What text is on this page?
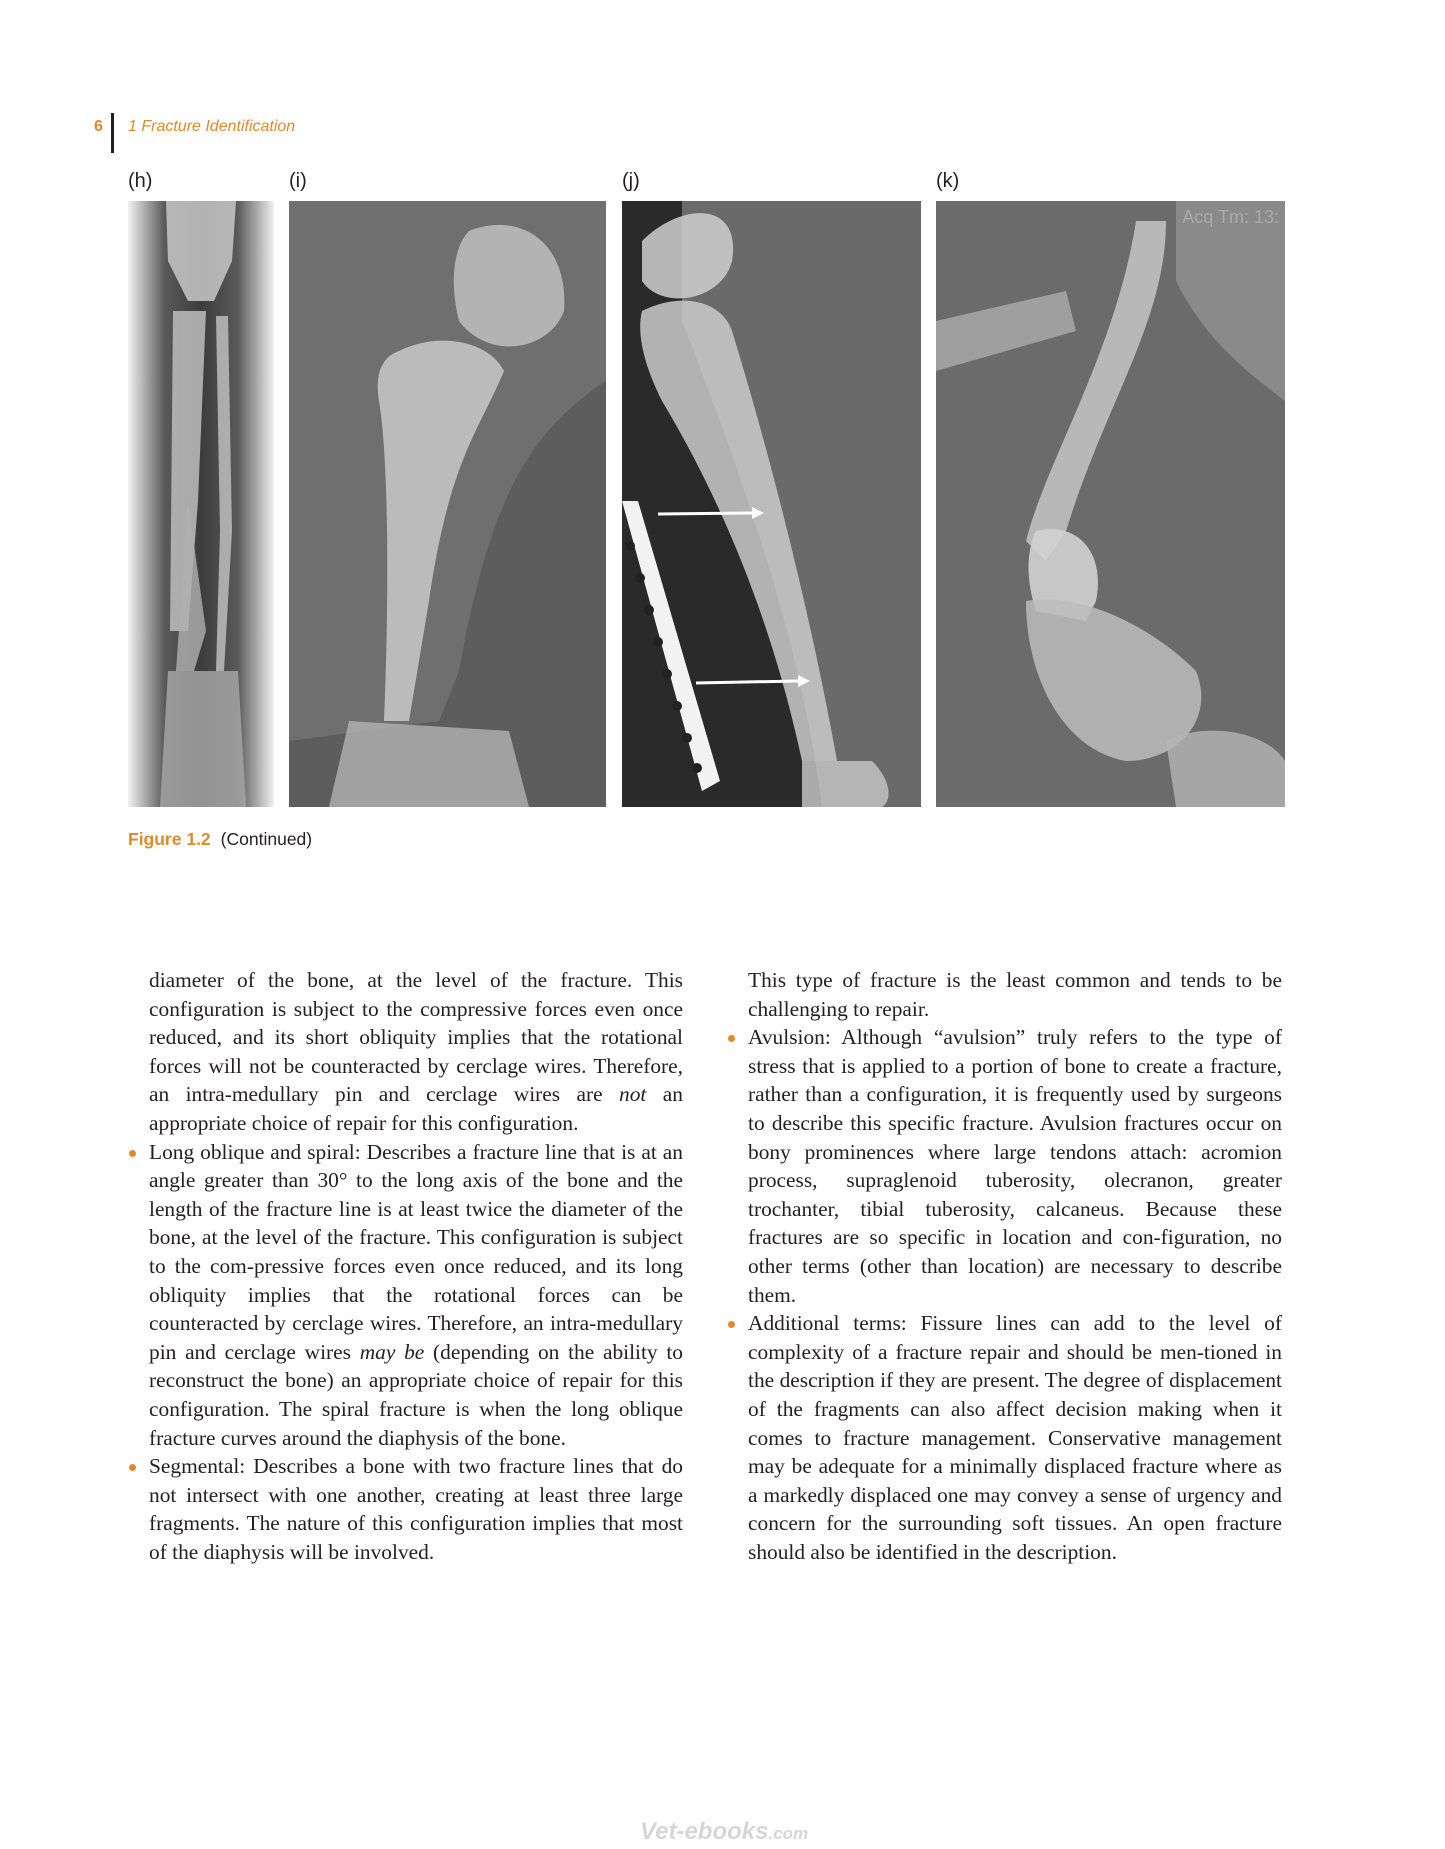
6 1 Fracture Identification
(h)	(i)	(j)	(k)
Acq Tm: 13:
Figure 1.2 (Continued)

diameter of the bone, at the level of the fracture. This configuration is subject to the compressive forces even once reduced, and its short obliquity implies that the rotational forces will not be counteracted by cerclage wires. Therefore, an intra-medullary pin and cerclage wires are not an appropriate choice of repair for this configuration.

Long oblique and spiral: Describes a fracture line that is at an angle greater than 30° to the long axis of the bone and the length of the fracture line is at least twice the diameter of the bone, at the level of the fracture. This configuration is subject to the com-pressive forces even once reduced, and its long obliquity implies that the rotational forces can be counteracted by cerclage wires. Therefore, an intra-medullary pin and cerclage wires may be (depending on the ability to reconstruct the bone) an appropriate choice of repair for this configuration. The spiral fracture is when the long oblique fracture curves around the diaphysis of the bone.

Segmental: Describes a bone with two fracture lines that do not intersect with one another, creating at least three large fragments. The nature of this configuration implies that most of the diaphysis will be involved.

This type of fracture is the least common and tends to be challenging to repair.

Avulsion: Although “avulsion” truly refers to the type of stress that is applied to a portion of bone to create a fracture, rather than a configuration, it is frequently used by surgeons to describe this specific fracture. Avulsion fractures occur on bony prominences where large tendons attach: acromion process, supraglenoid tuberosity, olecranon, greater trochanter, tibial tuberosity, calcaneus. Because these fractures are so specific in location and con-figuration, no other terms (other than location) are necessary to describe them.

Additional terms: Fissure lines can add to the level of complexity of a fracture repair and should be men-tioned in the description if they are present. The degree of displacement of the fragments can also affect decision making when it comes to fracture management. Conservative management may be adequate for a minimally displaced fracture where as a markedly displaced one may convey a sense of urgency and concern for the surrounding soft tissues. An open fracture should also be identified in the description.

Vet-ebooks.com
